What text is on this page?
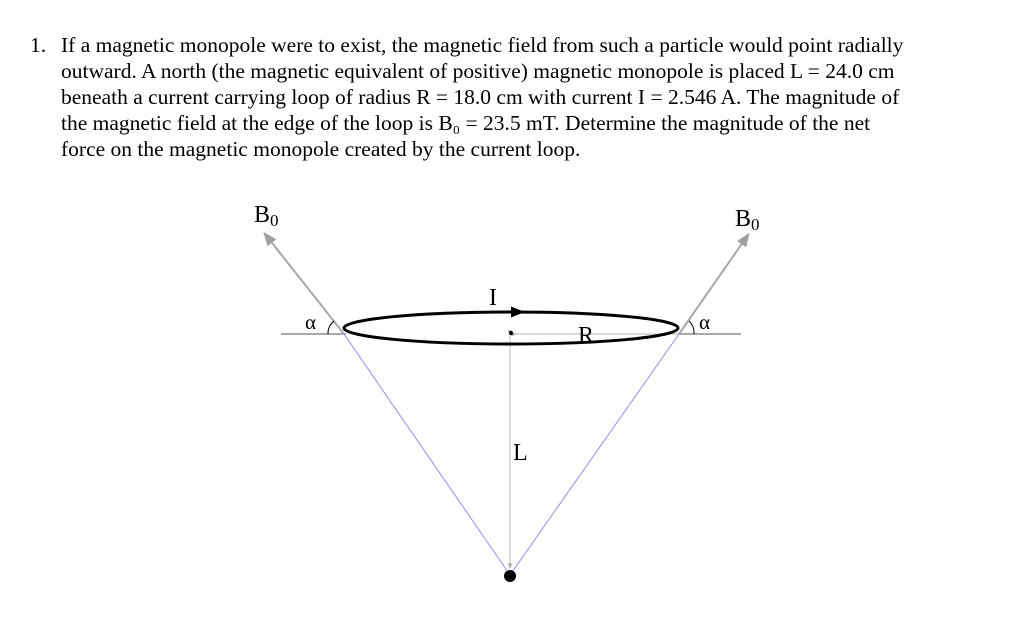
1. If a magnetic monopole were to exist, the magnetic field from such a particle would point radially
outward. A north (the magnetic equivalent of positive) magnetic monopole is placed L = 24.0 cm
beneath a current carrying loop of radius R = 18.0 cm with current I = 2.546 A. The magnitude of
the magnetic field at the edge of the loop is B₀ = 23.5 mT. Determine the magnitude of the net
force on the magnetic monopole created by the current loop.
B0	B0
α	α
I
R
L
